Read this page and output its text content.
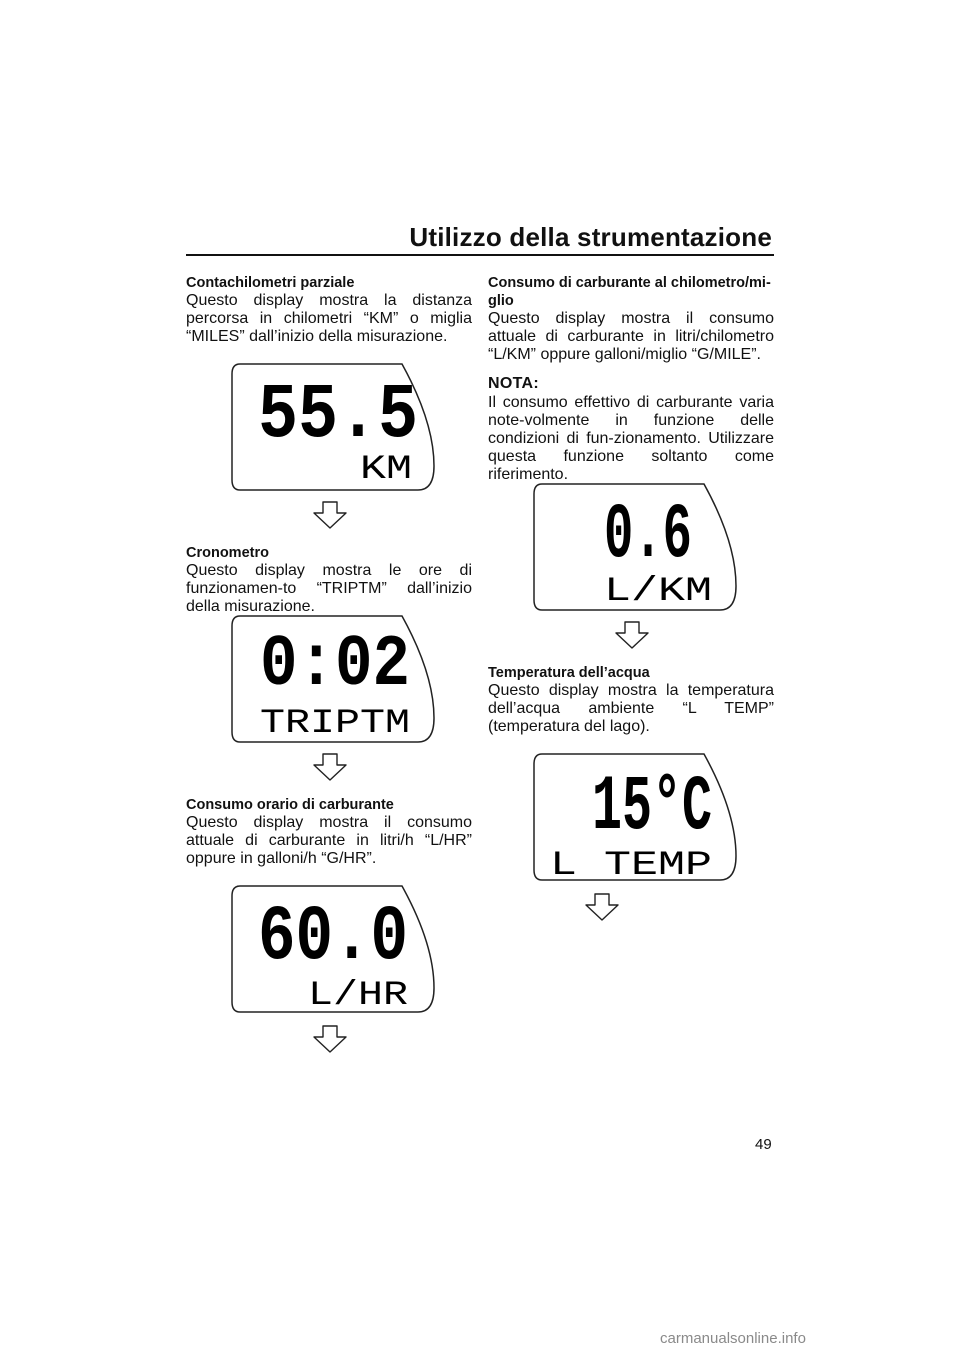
Utilizzo della strumentazione
Contachilometri parziale

Questo display mostra la distanza percorsa in chilometri “KM” o miglia “MILES” dall’inizio della misurazione.

55.5
KM
Cronometro

Questo display mostra le ore di funzionamen-to “TRIPTM” dall’inizio della misurazione.

0:02
TRIPTM
Consumo orario di carburante

Questo display mostra il consumo attuale di carburante in litri/h “L/HR” oppure in galloni/h “G/HR”.

60.0
L/HR
Consumo di carburante al chilometro/mi-glio

Questo display mostra il consumo attuale di carburante in litri/chilometro “L/KM” oppure galloni/miglio “G/MILE”.

NOTA:

Il consumo effettivo di carburante varia note-volmente in funzione delle condizioni di fun-zionamento. Utilizzare questa funzione soltanto come riferimento.

0.6
L/KM
Temperatura dell’acqua

Questo display mostra la temperatura dell’acqua ambiente “L TEMP” (temperatura del lago).

15°C
L TEMP
49
carmanualsonline.info
